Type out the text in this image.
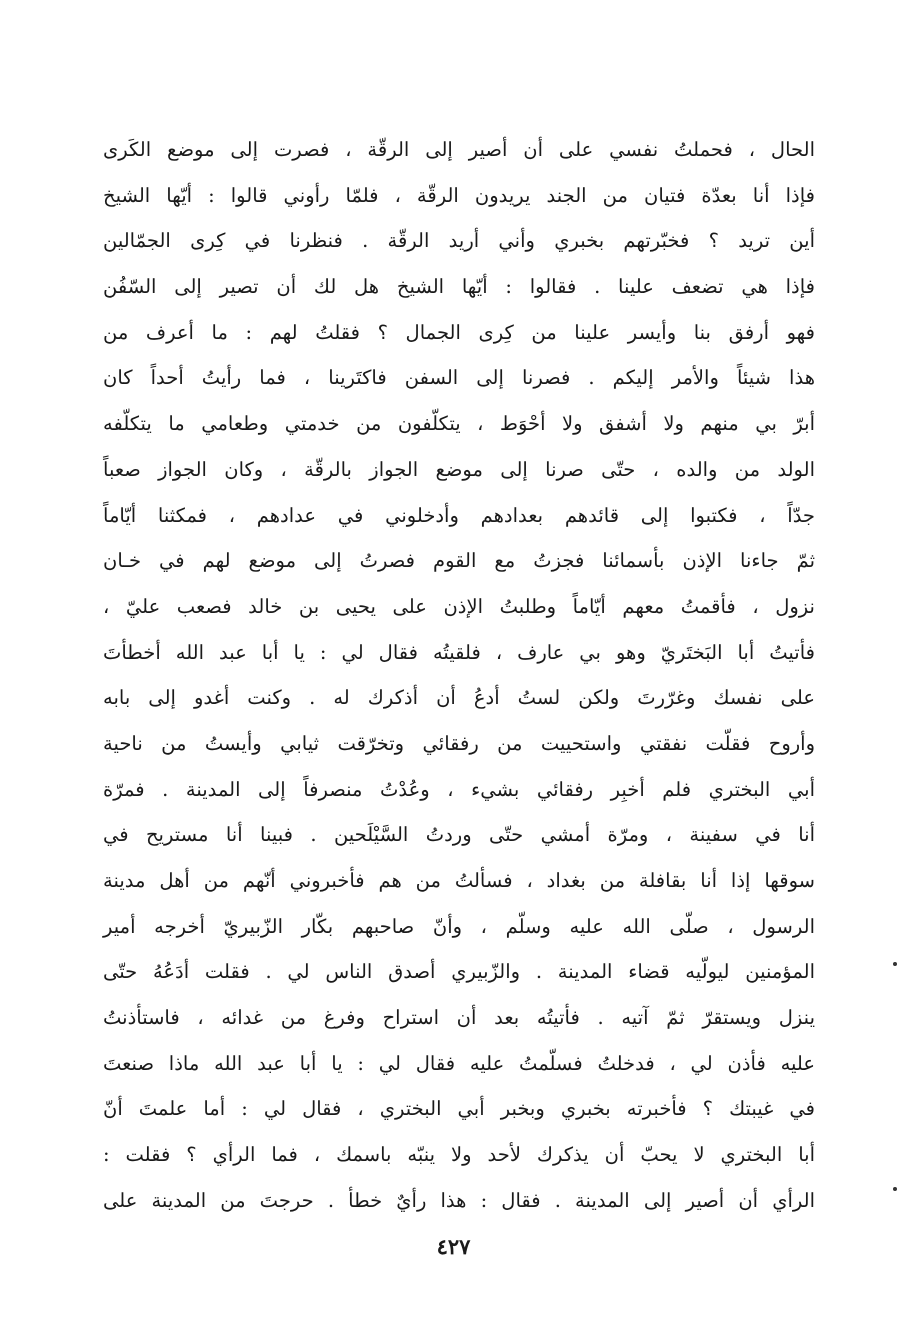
الحال ، فحملتُ نفسي على أن أصير إلى الرقّة ، فصرت إلى موضع الكَرى
فإذا أنا بعدّة فتيان من الجند يريدون الرقّة ، فلمّا رأوني قالوا : أيّها الشيخ
أين تريد ؟ فخبّرتهم بخبري وأني أريد الرقّة . فنظرنا في كِرى الجمّالين
فإذا هي تضعف علينا . فقالوا : أيّها الشيخ هل لك أن تصير إلى السّفُن
فهو أرفق بنا وأيسر علينا من كِرى الجمال ؟ فقلتُ لهم : ما أعرف من
هذا شيئاً والأمر إليكم . فصرنا إلى السفن فاكتَرينا ، فما رأيتُ أحداً كان
أبرّ بي منهم ولا أشفق ولا أحْوَط ، يتكلّفون من خدمتي وطعامي ما يتكلّفه
الولد من والده ، حتّى صرنا إلى موضع الجواز بالرقّة ، وكان الجواز صعباً
جدّاً ، فكتبوا إلى قائدهم بعدادهم وأدخلوني في عدادهم ، فمكثنا أيّاماً
ثمّ جاءنا الإذن بأسمائنا فجزتُ مع القوم فصرتُ إلى موضع لهم في خـان
نزول ، فأقمتُ معهم أيّاماً وطلبتُ الإذن على يحيى بن خالد فصعب عليّ ،
فأتيتُ أبا البَختَريّ وهو بي عارف ، فلقيتُه فقال لي : يا أبا عبد الله أخطأتَ
على نفسك وغرّرتَ ولكن لستُ أدعُ أن أذكرك له . وكنت أغدو إلى بابه
وأروح فقلّت نفقتي واستحييت من رفقائي وتخرّقت ثيابي وأيستُ من ناحية
أبي البختري فلم أخبِر رفقائي بشيء ، وعُدْتُ منصرفاً إلى المدينة . فمرّة
أنا في سفينة ، ومرّة أمشي حتّى وردتُ السَّيْلَحين . فبينا أنا مستريح في
سوقها إذا أنا بقافلة من بغداد ، فسألتُ من هم فأخبروني أنّهم من أهل مدينة
الرسول ، صلّى الله عليه وسلّم ، وأنّ صاحبهم بكّار الزّبيريّ أخرجه أمير
المؤمنين ليولّيه قضاء المدينة . والزّبيري أصدق الناس لي . فقلت أدَعُهُ حتّى
ينزل ويستقرّ ثمّ آتيه . فأتيتُه بعد أن استراح وفرغ من غدائه ، فاستأذنتُ
عليه فأذن لي ، فدخلتُ فسلّمتُ عليه فقال لي : يا أبا عبد الله ماذا صنعتَ
في غيبتك ؟ فأخبرته بخبري وبخبر أبي البختري ، فقال لي : أما علمتَ أنّ
أبا البختري لا يحبّ أن يذكرك لأحد ولا ينبّه باسمك ، فما الرأي ؟ فقلت :
الرأي أن أصير إلى المدينة . فقال : هذا رأيٌ خطأ . حرجتَ من المدينة على
٤٢٧
